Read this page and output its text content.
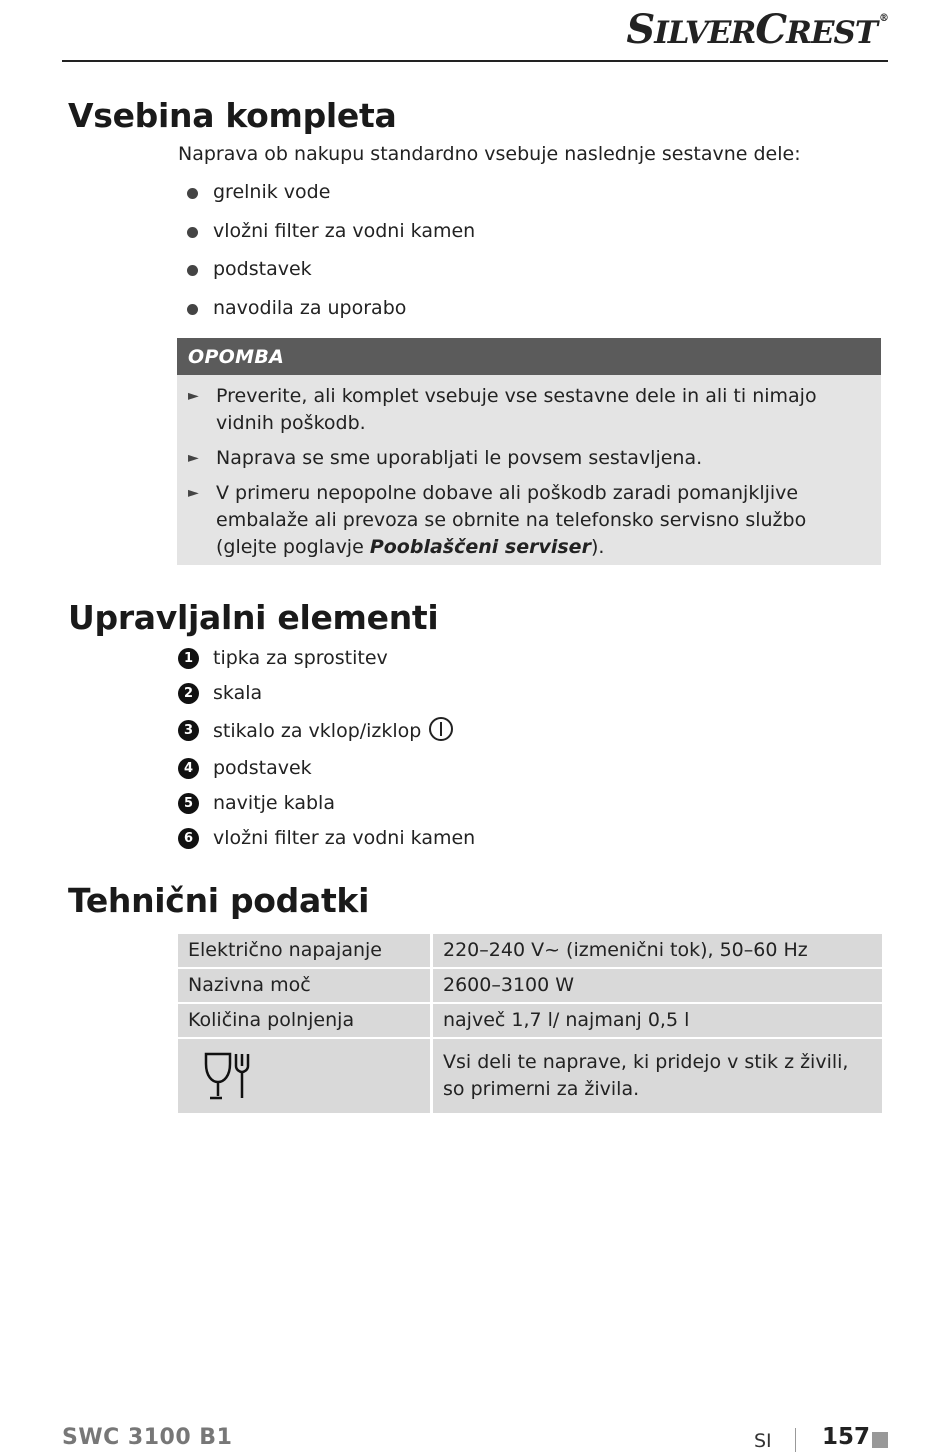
SILVERCREST ®
Vsebina kompleta

Naprava ob nakupu standardno vsebuje naslednje sestavne dele:

grelnik vode
vložni filter za vodni kamen
podstavek
navodila za uporabo
OPOMBA
► Preverite, ali komplet vsebuje vse sestavne dele in ali ti nimajo vidnih poškodb.
► Naprava se sme uporabljati le povsem sestavljena.
► V primeru nepopolne dobave ali poškodb zaradi pomanjkljive embalaže ali prevoza se obrnite na telefonsko servisno službo (glejte poglavje Pooblaščeni serviser).
Upravljalni elementi
1	tipka za sprostitev
2	skala
3	stikalo za vklop/izklop
4	podstavek
5	navitje kabla
6	vložni filter za vodni kamen
Tehnični podatki
Električno napajanje	220–240 V~ (izmenični tok), 50–60 Hz
Nazivna moč	2600–3100 W
Količina polnjenja	največ 1,7 l/ najmanj 0,5 l

	Vsi deli te naprave, ki pridejo v stik z živili, so primerni za živila.
SWC 3100 B1	SI 157
